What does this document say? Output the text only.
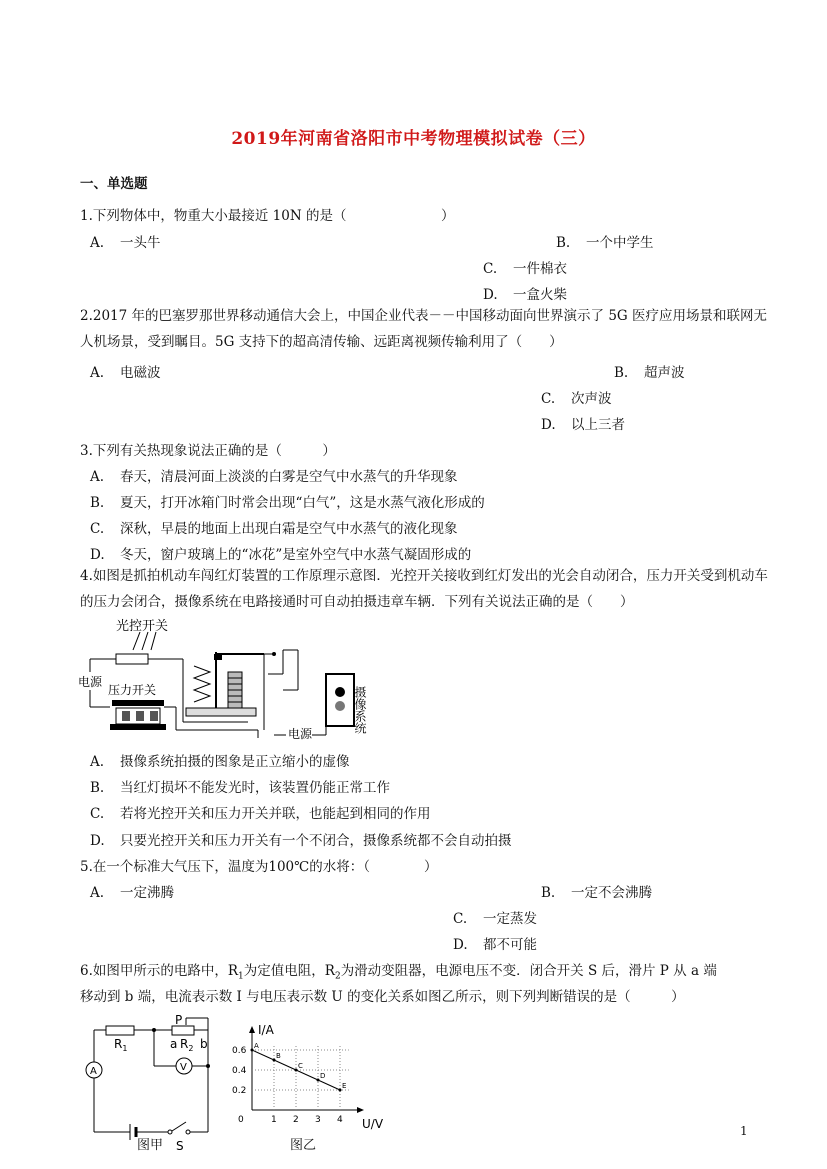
2019年河南省洛阳市中考物理模拟试卷（三）
一、单选题
1.下列物体中，物重大小最接近 10N 的是（　　　　　　　）
A. 一头牛	B. 一个中学生
C. 一件棉衣
D. 一盒火柴
2.2017 年的巴塞罗那世界移动通信大会上，中国企业代表－－中国移动面向世界演示了 5G 医疗应用场景和联网无人机场景，受到瞩目。5G 支持下的超高清传输、远距离视频传输利用了（　　）
A. 电磁波	B. 超声波
C. 次声波
D. 以上三者
3.下列有关热现象说法正确的是（　　　）
A. 春天，清晨河面上淡淡的白雾是空气中水蒸气的升华现象
B. 夏天，打开冰箱门时常会出现“白气”，这是水蒸气液化形成的
C. 深秋，早晨的地面上出现白霜是空气中水蒸气的液化现象
D. 冬天，窗户玻璃上的“冰花”是室外空气中水蒸气凝固形成的
4.如图是抓拍机动车闯红灯装置的工作原理示意图．光控开关接收到红灯发出的光会自动闭合，压力开关受到机动车的压力会闭合，摄像系统在电路接通时可自动拍摄违章车辆．下列有关说法正确的是（　　）
光控开关
电源
压力开关
电源	摄像系统
A. 摄像系统拍摄的图象是正立缩小的虚像
B. 当红灯损坏不能发光时，该装置仍能正常工作
C. 若将光控开关和压力开关并联，也能起到相同的作用
D. 只要光控开关和压力开关有一个不闭合，摄像系统都不会自动拍摄
5.在一个标准大气压下，温度为100℃的水将：（　　　　）
A. 一定沸腾	B. 一定不会沸腾
C. 一定蒸发
D. 都不可能
6.如图甲所示的电路中，$R_1$为定值电阻，$R_2$为滑动变阻器，电源电压不变．闭合开关 S 后，滑片 P 从 a 端
移动到 b 端，电流表示数 I 与电压表示数 U 的变化关系如图乙所示，则下列判断错误的是（　　　）
$R_1$
P
a $R_2$ b
V
A
S
图甲
I/A
U/V
0	1 2 3 4
0.2
0.4
0.6 A
B
C
D
E
图乙
1
